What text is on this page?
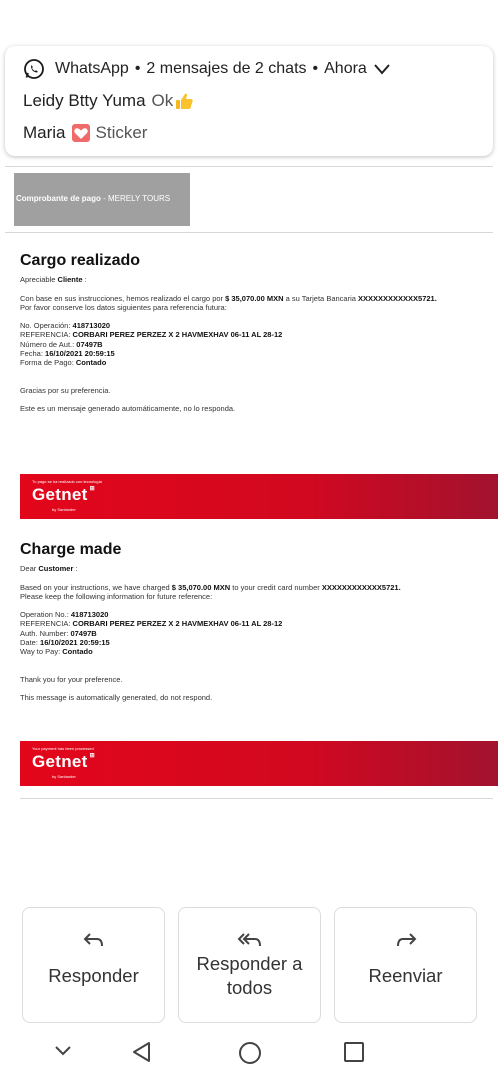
WhatsApp • 2 mensajes de 2 chats • Ahora
Leidy Btty Yuma Ok
Maria Sticker
Comprobante de pago - MERELY TOURS
Cargo realizado

Apreciable Cliente :

Con base en sus instrucciones, hemos realizado el cargo por $ 35,070.00 MXN a su Tarjeta Bancaria XXXXXXXXXXXX5721.

Por favor conserve los datos siguientes para referencia futura:

No. Operación: 418713020

REFERENCIA: CORBARI PEREZ PERZEZ X 2 HAVMEXHAV 06-11 AL 28-12

Número de Aut.: 07497B

Fecha: 16/10/2021 20:59:15

Forma de Pago: Contado

Gracias por su preferencia.

Este es un mensaje generado automáticamente, no lo responda.

Tu pago se ha realizado con tecnología
Getnet ⊞
by Santander
Charge made

Dear Customer :

Based on your instructions, we have charged $ 35,070.00 MXN to your credit card number XXXXXXXXXXXX5721.

Please keep the following information for future reference:

Operation No.: 418713020

REFERENCIA: CORBARI PEREZ PERZEZ X 2 HAVMEXHAV 06-11 AL 28-12

Auth. Number: 07497B

Date: 16/10/2021 20:59:15

Way to Pay: Contado

Thank you for your preference.

This message is automatically generated, do not respond.

Your payment has been processed
Getnet ⊞
by Santander
Responder
Responder a
todos
Reenviar
